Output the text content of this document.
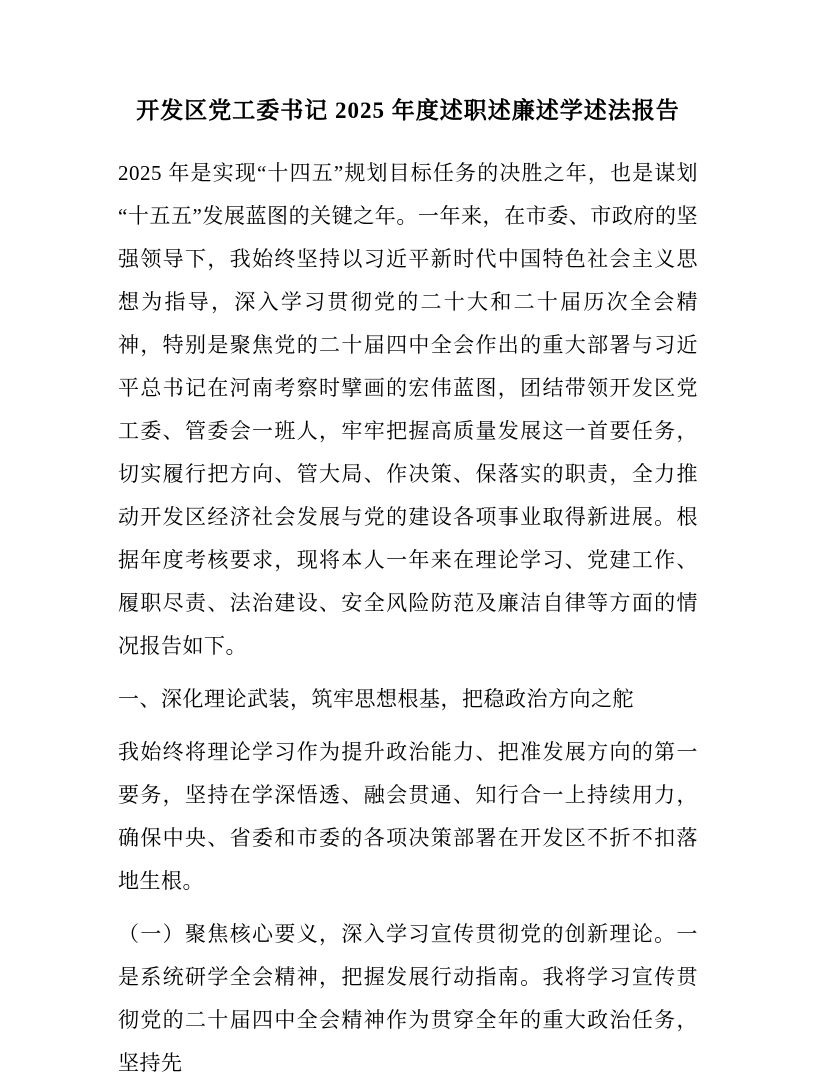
开发区党工委书记 2025 年度述职述廉述学述法报告

2025 年是实现“十四五”规划目标任务的决胜之年，也是谋划“十五五”发展蓝图的关键之年。一年来，在市委、市政府的坚强领导下，我始终坚持以习近平新时代中国特色社会主义思想为指导，深入学习贯彻党的二十大和二十届历次全会精神，特别是聚焦党的二十届四中全会作出的重大部署与习近平总书记在河南考察时擘画的宏伟蓝图，团结带领开发区党工委、管委会一班人，牢牢把握高质量发展这一首要任务，切实履行把方向、管大局、作决策、保落实的职责，全力推动开发区经济社会发展与党的建设各项事业取得新进展。根据年度考核要求，现将本人一年来在理论学习、党建工作、履职尽责、法治建设、安全风险防范及廉洁自律等方面的情况报告如下。

一、深化理论武装，筑牢思想根基，把稳政治方向之舵

我始终将理论学习作为提升政治能力、把准发展方向的第一要务，坚持在学深悟透、融会贯通、知行合一上持续用力，确保中央、省委和市委的各项决策部署在开发区不折不扣落地生根。

（一）聚焦核心要义，深入学习宣传贯彻党的创新理论。一是系统研学全会精神，把握发展行动指南。我将学习宣传贯彻党的二十届四中全会精神作为贯穿全年的重大政治任务，坚持先
